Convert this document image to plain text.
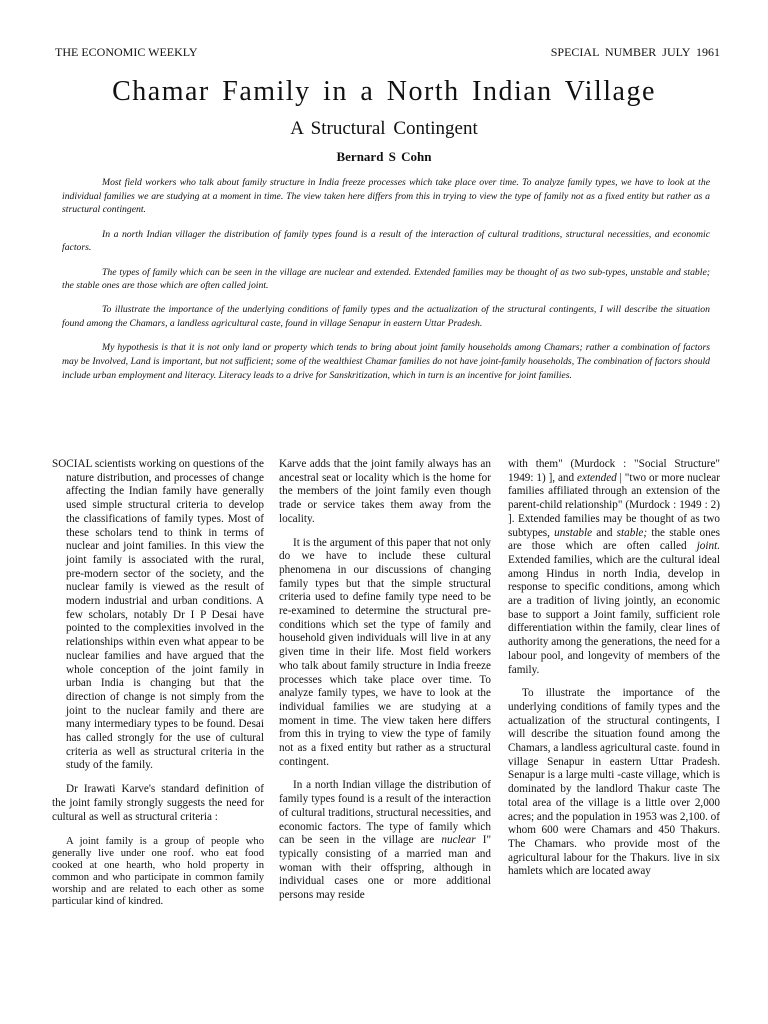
THE ECONOMIC WEEKLY	SPECIAL NUMBER JULY 1961
Chamar Family in a North Indian Village
A Structural Contingent
Bernard S Cohn

Most field workers who talk about family structure in India freeze processes which take place over time. To analyze family types, we have to look at the individual families we are studying at a moment in time. The view taken here differs from this in trying to view the type of family not as a fixed entity but rather as a structural contingent.

In a north Indian villager the distribution of family types found is a result of the interaction of cultural traditions, structural necessities, and economic factors.

The types of family which can be seen in the village are nuclear and extended. Extended families may be thought of as two sub-types, unstable and stable; the stable ones are those which are often called joint.

To illustrate the importance of the underlying conditions of family types and the actualization of the structural contingents, I will describe the situation found among the Chamars, a landless agricultural caste, found in village Senapur in eastern Uttar Pradesh.

My hypothesis is that it is not only land or property which tends to bring about joint family households among Chamars; rather a combination of factors may be Involved, Land is important, but not sufficient; some of the wealthiest Chamar families do not have joint-family households, The combination of factors should include urban employment and literacy. Literacy leads to a drive for Sanskritization, which in turn is an incentive for joint families.

SOCIAL scientists working on questions of the nature distribution, and processes of change affecting the Indian family have generally used simple structural criteria to develop the classifications of family types. Most of these scholars tend to think in terms of nuclear and joint families. In this view the joint family is associated with the rural, pre-modern sector of the society, and the nuclear family is viewed as the result of modern industrial and urban conditions. A few scholars, notably Dr I P Desai have pointed to the complexities involved in the relationships within even what appear to be nuclear families and have argued that the whole conception of the joint family in urban India is changing but that the direction of change is not simply from the joint to the nuclear family and there are many intermediary types to be found. Desai has called strongly for the use of cultural criteria as well as structural criteria in the study of the family.

Dr Irawati Karve's standard definition of the joint family strongly suggests the need for cultural as well as structural criteria :

A joint family is a group of people who generally live under one roof. who eat food cooked at one hearth, who hold property in common and who participate in common family worship and are related to each other as some particular kind of kindred.

Karve adds that the joint family always has an ancestral seat or locality which is the home for the members of the joint family even though trade or service takes them away from the locality.

It is the argument of this paper that not only do we have to include these cultural phenomena in our discussions of changing family types but that the simple structural criteria used to define family type need to be re-examined to determine the structural pre-conditions which set the type of family and household given individuals will live in at any given time in their life. Most field workers who talk about family structure in India freeze processes which take place over time. To analyze family types, we have to look at the individual families we are studying at a moment in time. The view taken here differs from this in trying to view the type of family not as a fixed entity but rather as a structural contingent.

In a north Indian village the distribution of family types found is a result of the interaction of cultural traditions, structural necessities, and economic factors. The type of family which can be seen in the village are nuclear I" typically consisting of a married man and woman with their offspring, although in individual cases one or more additional persons may reside

with them" (Murdock : "Social Structure" 1949: 1) ], and extended | "two or more nuclear families affiliated through an extension of the parent-child relationship" (Murdock : 1949 : 2) ]. Extended families may be thought of as two subtypes, unstable and stable; the stable ones are those which are often called joint. Extended families, which are the cultural ideal among Hindus in north India, develop in response to specific conditions, among which are a tradition of living jointly, an economic base to support a Joint family, sufficient role differentiation within the family, clear lines of authority among the generations, the need for a labour pool, and longevity of members of the family.

To illustrate the importance of the underlying conditions of family types and the actualization of the structural contingents, I will describe the situation found among the Chamars, a landless agricultural caste. found in village Senapur in eastern Uttar Pradesh. Senapur is a large multi -caste village, which is dominated by the landlord Thakur caste The total area of the village is a little over 2,000 acres; and the population in 1953 was 2,100. of whom 600 were Chamars and 450 Thakurs. The Chamars. who provide most of the agricultural labour for the Thakurs. live in six hamlets which are located away
